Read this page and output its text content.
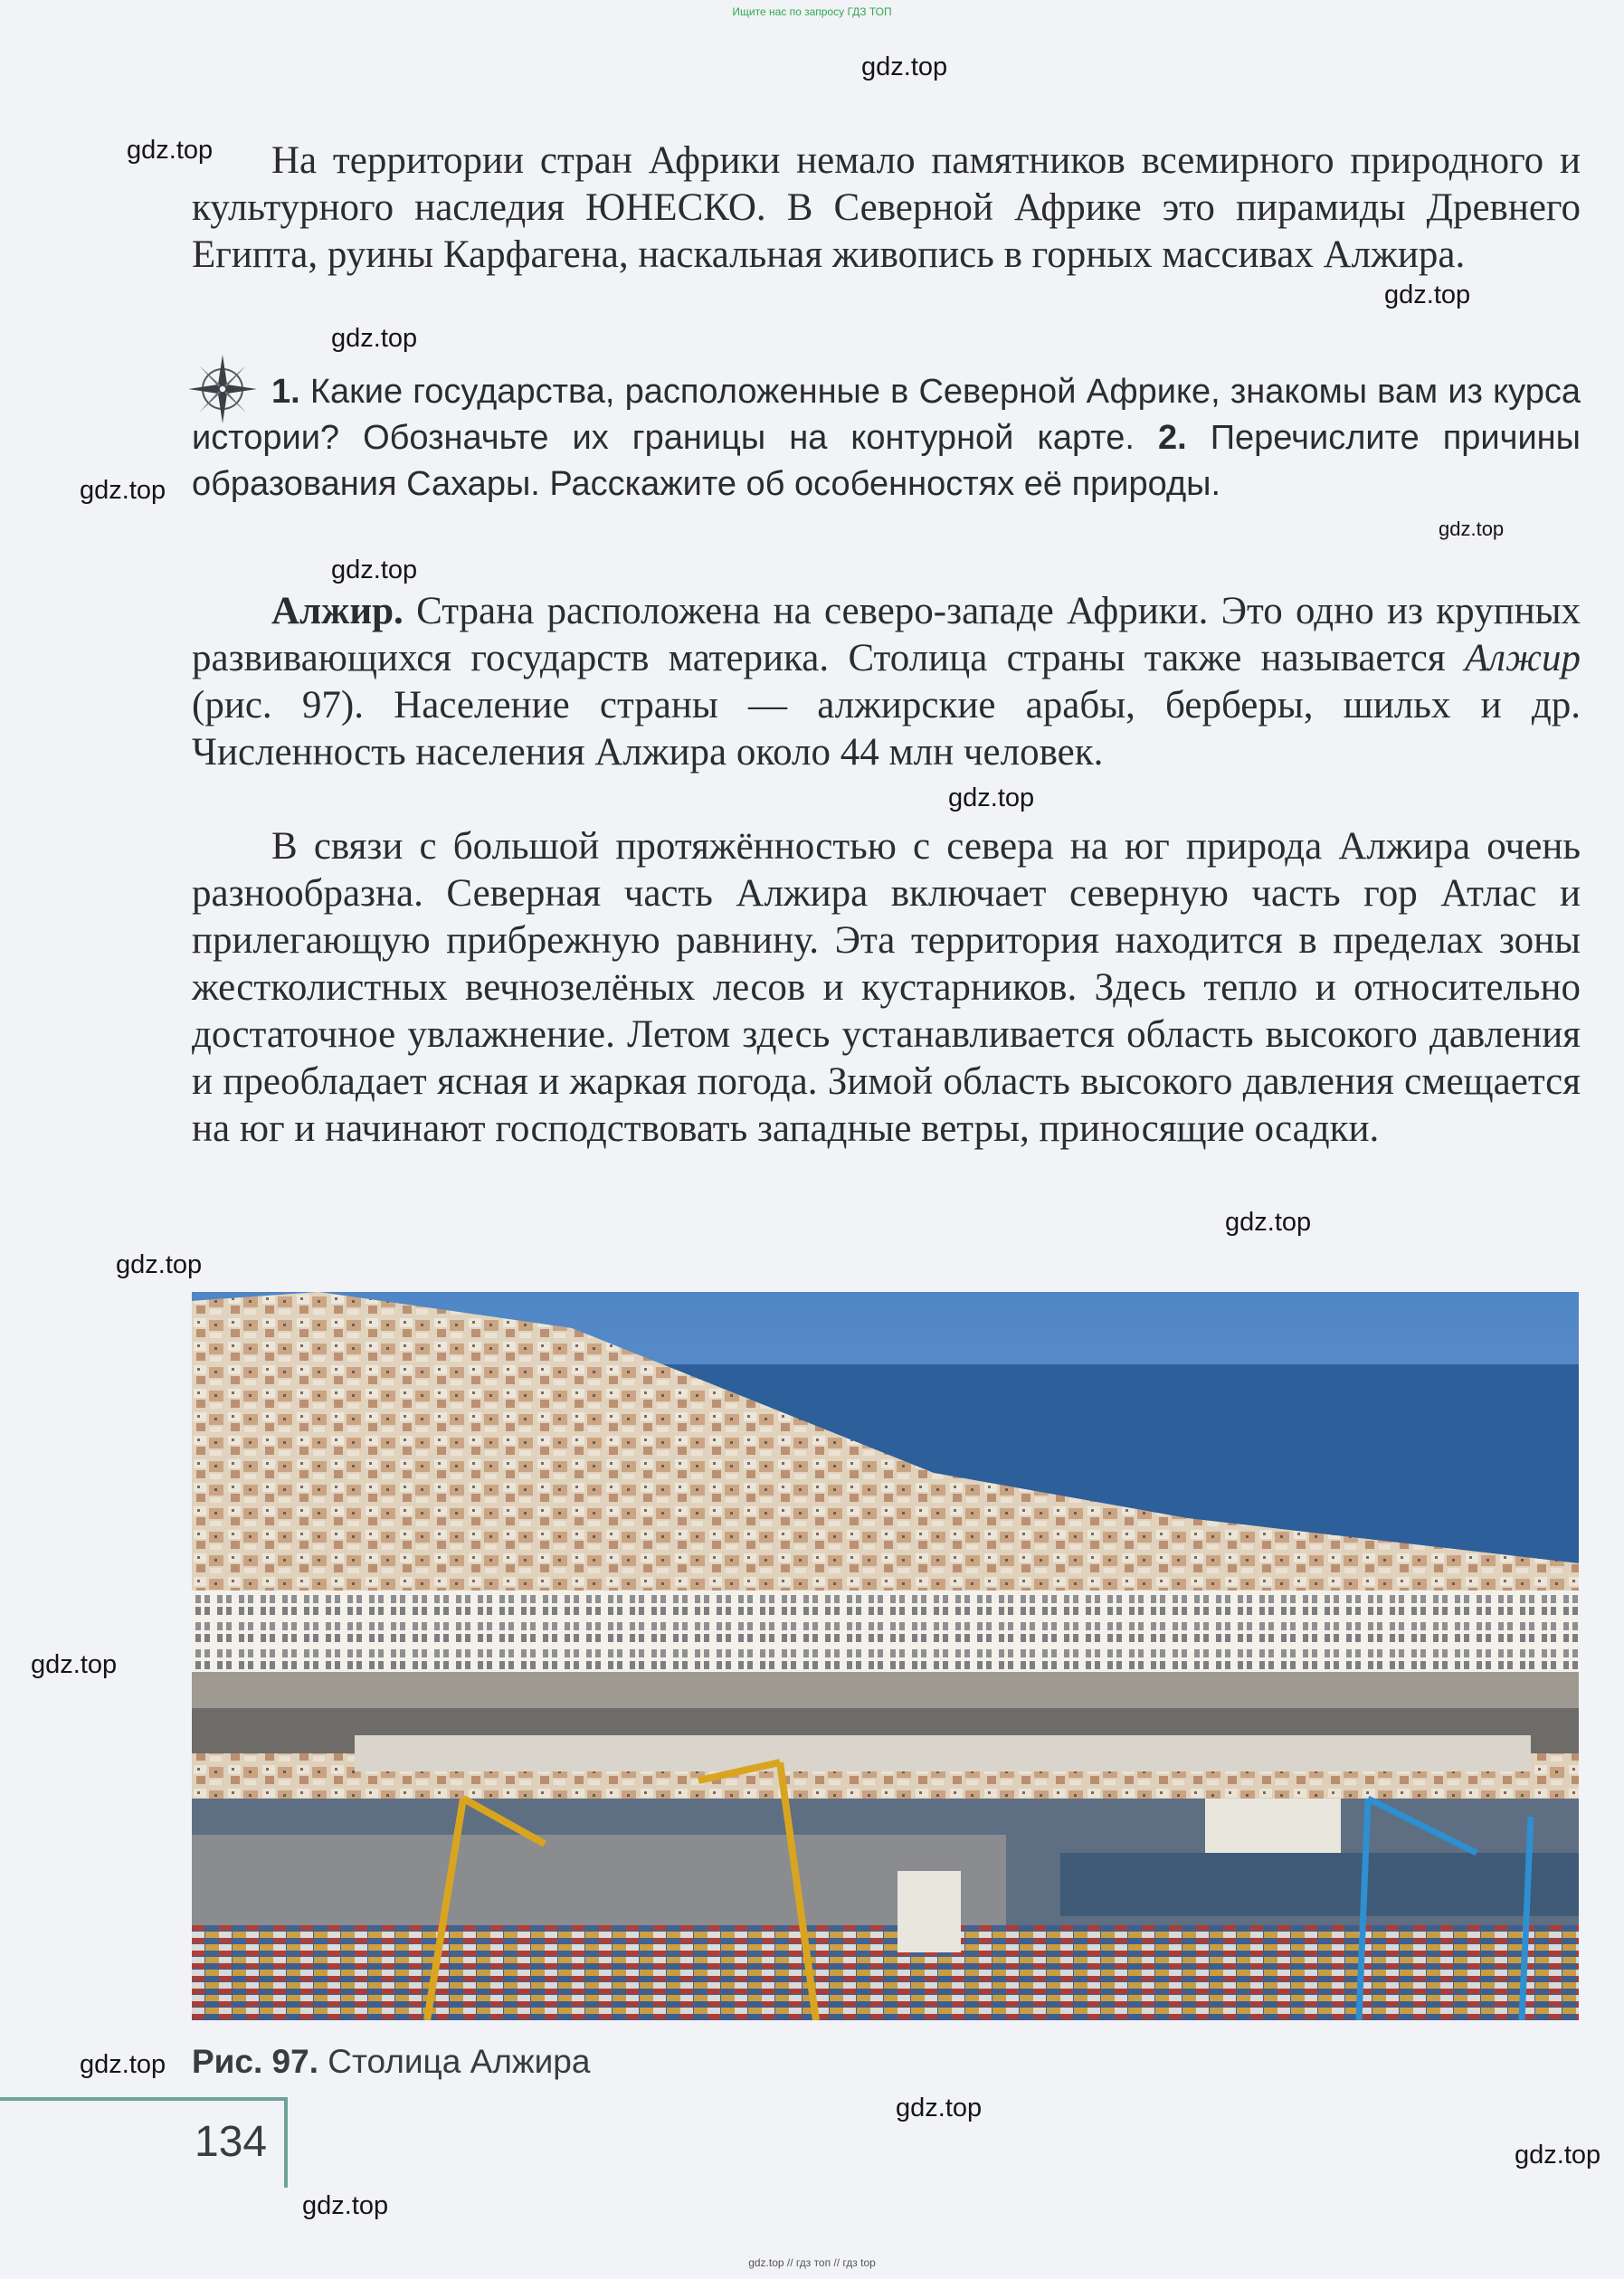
Ищите нас по запросу ГДЗ ТОП
gdz.top
gdz.top
gdz.top
gdz.top
gdz.top
gdz.top
gdz.top
gdz.top
gdz.top
gdz.top
gdz.top
gdz.top
gdz.top
gdz.top
gdz.top

На территории стран Африки немало памятников всемирного природного и культурного наследия ЮНЕСКО. В Северной Африке это пирамиды Древнего Египта, руины Карфагена, наскальная живопись в горных массивах Алжира.

1. Какие государства, расположенные в Северной Африке, знакомы вам из курса истории? Обозначьте их границы на контурной карте. 2. Перечислите причины образования Сахары. Расскажите об особенностях её природы.

Алжир. Страна расположена на северо-западе Африки. Это одно из крупных развивающихся государств материка. Столица страны также называется Алжир (рис. 97). Население страны — алжирские арабы, берберы, шильх и др. Численность населения Алжира около 44 млн человек.

В связи с большой протяжённостью с севера на юг природа Алжира очень разнообразна. Северная часть Алжира включает северную часть гор Атлас и прилегающую прибрежную равнину. Эта территория находится в пределах зоны жестколистных вечнозелёных лесов и кустарников. Здесь тепло и относительно достаточное увлажнение. Летом здесь устанавливается область высокого давления и преобладает ясная и жаркая погода. Зимой область высокого давления смещается на юг и начинают господствовать западные ветры, приносящие осадки.

Рис. 97. Столица Алжира
134
gdz.top // гдз топ // гдз top
